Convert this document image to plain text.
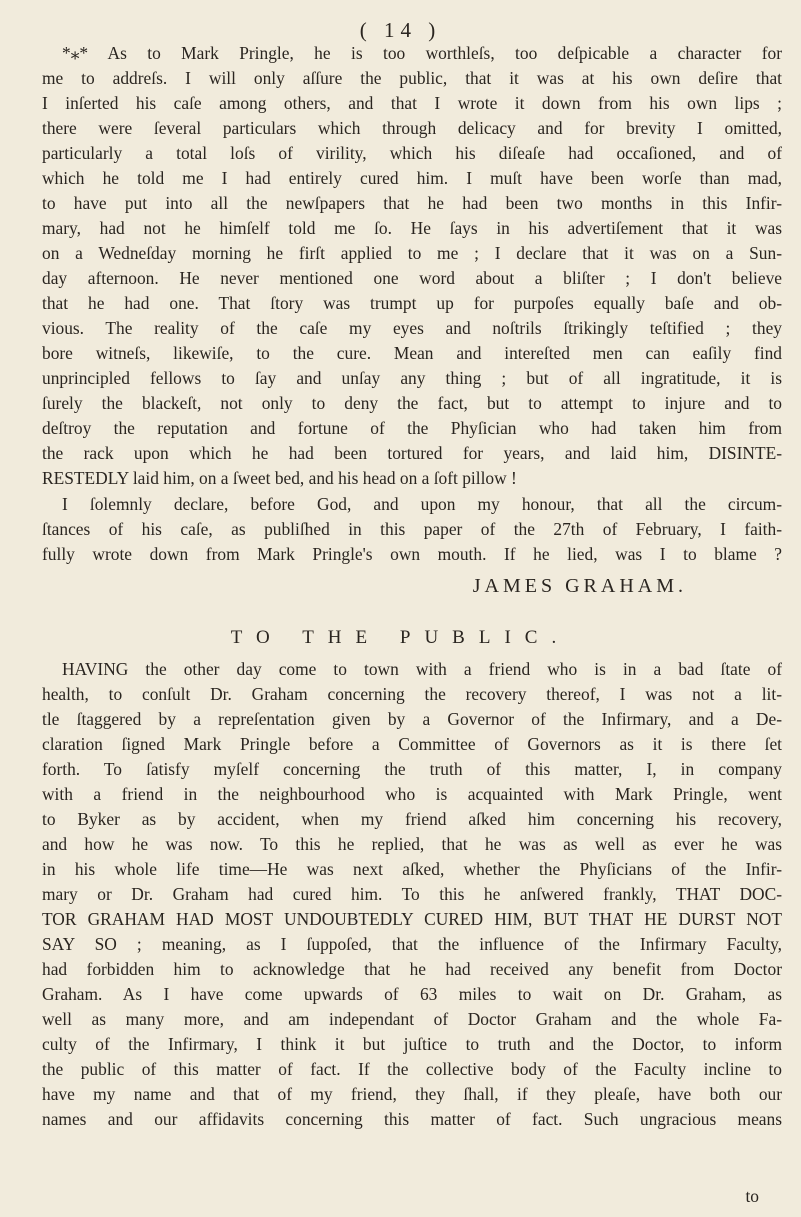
( 14 )
*⁎* As to Mark Pringle, he is too worthleſs, too deſpicable a character for
me to addreſs. I will only aſſure the public, that it was at his own deſire that
I inſerted his caſe among others, and that I wrote it down from his own lips ;
there were ſeveral particulars which through delicacy and for brevity I omitted,
particularly a total loſs of virility, which his diſeaſe had occaſioned, and of
which he told me I had entirely cured him. I muſt have been worſe than mad,
to have put into all the newſpapers that he had been two months in this Infir-
mary, had not he himſelf told me ſo. He ſays in his advertiſement that it was
on a Wedneſday morning he firſt applied to me ; I declare that it was on a Sun-
day afternoon. He never mentioned one word about a bliſter ; I don't believe
that he had one. That ſtory was trumpt up for purpoſes equally baſe and ob-
vious. The reality of the caſe my eyes and noſtrils ſtrikingly teſtified ; they
bore witneſs, likewiſe, to the cure. Mean and intereſted men can eaſily find
unprincipled fellows to ſay and unſay any thing ; but of all ingratitude, it is
ſurely the blackeſt, not only to deny the fact, but to attempt to injure and to
deſtroy the reputation and fortune of the Phyſician who had taken him from
the rack upon which he had been tortured for years, and laid him, DISINTE-
RESTEDLY laid him, on a ſweet bed, and his head on a ſoft pillow !
I ſolemnly declare, before God, and upon my honour, that all the circum-
ſtances of his caſe, as publiſhed in this paper of the 27th of February, I faith-
fully wrote down from Mark Pringle's own mouth. If he lied, was I to blame ?
JAMES GRAHAM.
TO THE PUBLIC.
HAVING the other day come to town with a friend who is in a bad ſtate of
health, to conſult Dr. Graham concerning the recovery thereof, I was not a lit-
tle ſtaggered by a repreſentation given by a Governor of the Infirmary, and a De-
claration ſigned Mark Pringle before a Committee of Governors as it is there ſet
forth. To ſatisfy myſelf concerning the truth of this matter, I, in company
with a friend in the neighbourhood who is acquainted with Mark Pringle, went
to Byker as by accident, when my friend aſked him concerning his recovery,
and how he was now. To this he replied, that he was as well as ever he was
in his whole life time—He was next aſked, whether the Phyſicians of the Infir-
mary or Dr. Graham had cured him. To this he anſwered frankly, THAT DOC-
TOR GRAHAM HAD MOST UNDOUBTEDLY CURED HIM, BUT THAT HE DURST NOT
SAY SO ; meaning, as I ſuppoſed, that the influence of the Infirmary Faculty,
had forbidden him to acknowledge that he had received any benefit from Doctor
Graham. As I have come upwards of 63 miles to wait on Dr. Graham, as
well as many more, and am independant of Doctor Graham and the whole Fa-
culty of the Infirmary, I think it but juſtice to truth and the Doctor, to inform
the public of this matter of fact. If the collective body of the Faculty incline to
have my name and that of my friend, they ſhall, if they pleaſe, have both our
names and our affidavits concerning this matter of fact. Such ungracious means
to
